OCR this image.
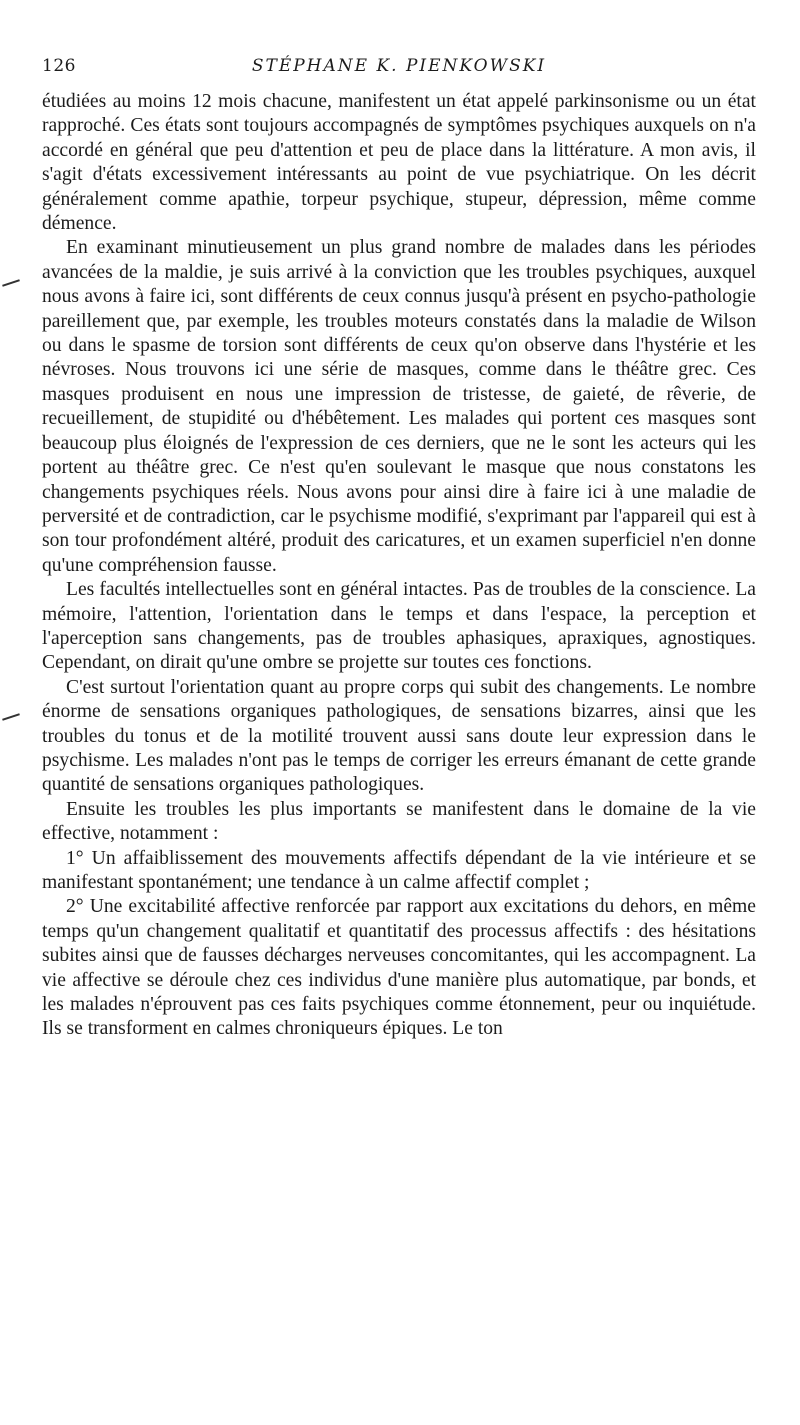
126	STÉPHANE K. PIENKOWSKI

étudiées au moins 12 mois chacune, manifestent un état appelé parkinsonisme ou un état rapproché. Ces états sont toujours accompagnés de symptômes psychiques auxquels on n'a accordé en général que peu d'attention et peu de place dans la littérature. A mon avis, il s'agit d'états excessivement intéressants au point de vue psychiatrique. On les décrit généralement comme apathie, torpeur psychique, stupeur, dépression, même comme démence.

En examinant minutieusement un plus grand nombre de malades dans les périodes avancées de la maldie, je suis arrivé à la conviction que les troubles psychiques, auxquel nous avons à faire ici, sont différents de ceux connus jusqu'à présent en psycho-pathologie pareillement que, par exemple, les troubles moteurs constatés dans la maladie de Wilson ou dans le spasme de torsion sont différents de ceux qu'on observe dans l'hystérie et les névroses. Nous trouvons ici une série de masques, comme dans le théâtre grec. Ces masques produisent en nous une impression de tristesse, de gaieté, de rêverie, de recueillement, de stupidité ou d'hébêtement. Les malades qui portent ces masques sont beaucoup plus éloignés de l'expression de ces derniers, que ne le sont les acteurs qui les portent au théâtre grec. Ce n'est qu'en soulevant le masque que nous constatons les changements psychiques réels. Nous avons pour ainsi dire à faire ici à une maladie de perversité et de contradiction, car le psychisme modifié, s'exprimant par l'appareil qui est à son tour profondément altéré, produit des caricatures, et un examen superficiel n'en donne qu'une compréhension fausse.

Les facultés intellectuelles sont en général intactes. Pas de troubles de la conscience. La mémoire, l'attention, l'orientation dans le temps et dans l'espace, la perception et l'aperception sans changements, pas de troubles aphasiques, apraxiques, agnostiques. Cependant, on dirait qu'une ombre se projette sur toutes ces fonctions.

C'est surtout l'orientation quant au propre corps qui subit des changements. Le nombre énorme de sensations organiques pathologiques, de sensations bizarres, ainsi que les troubles du tonus et de la motilité trouvent aussi sans doute leur expression dans le psychisme. Les malades n'ont pas le temps de corriger les erreurs émanant de cette grande quantité de sensations organiques pathologiques.

Ensuite les troubles les plus importants se manifestent dans le domaine de la vie effective, notamment :

1° Un affaiblissement des mouvements affectifs dépendant de la vie intérieure et se manifestant spontanément; une tendance à un calme affectif complet ;

2° Une excitabilité affective renforcée par rapport aux excitations du dehors, en même temps qu'un changement qualitatif et quantitatif des processus affectifs : des hésitations subites ainsi que de fausses décharges nerveuses concomitantes, qui les accompagnent. La vie affective se déroule chez ces individus d'une manière plus automatique, par bonds, et les malades n'éprouvent pas ces faits psychiques comme étonnement, peur ou inquiétude. Ils se transforment en calmes chroniqueurs épiques. Le ton
